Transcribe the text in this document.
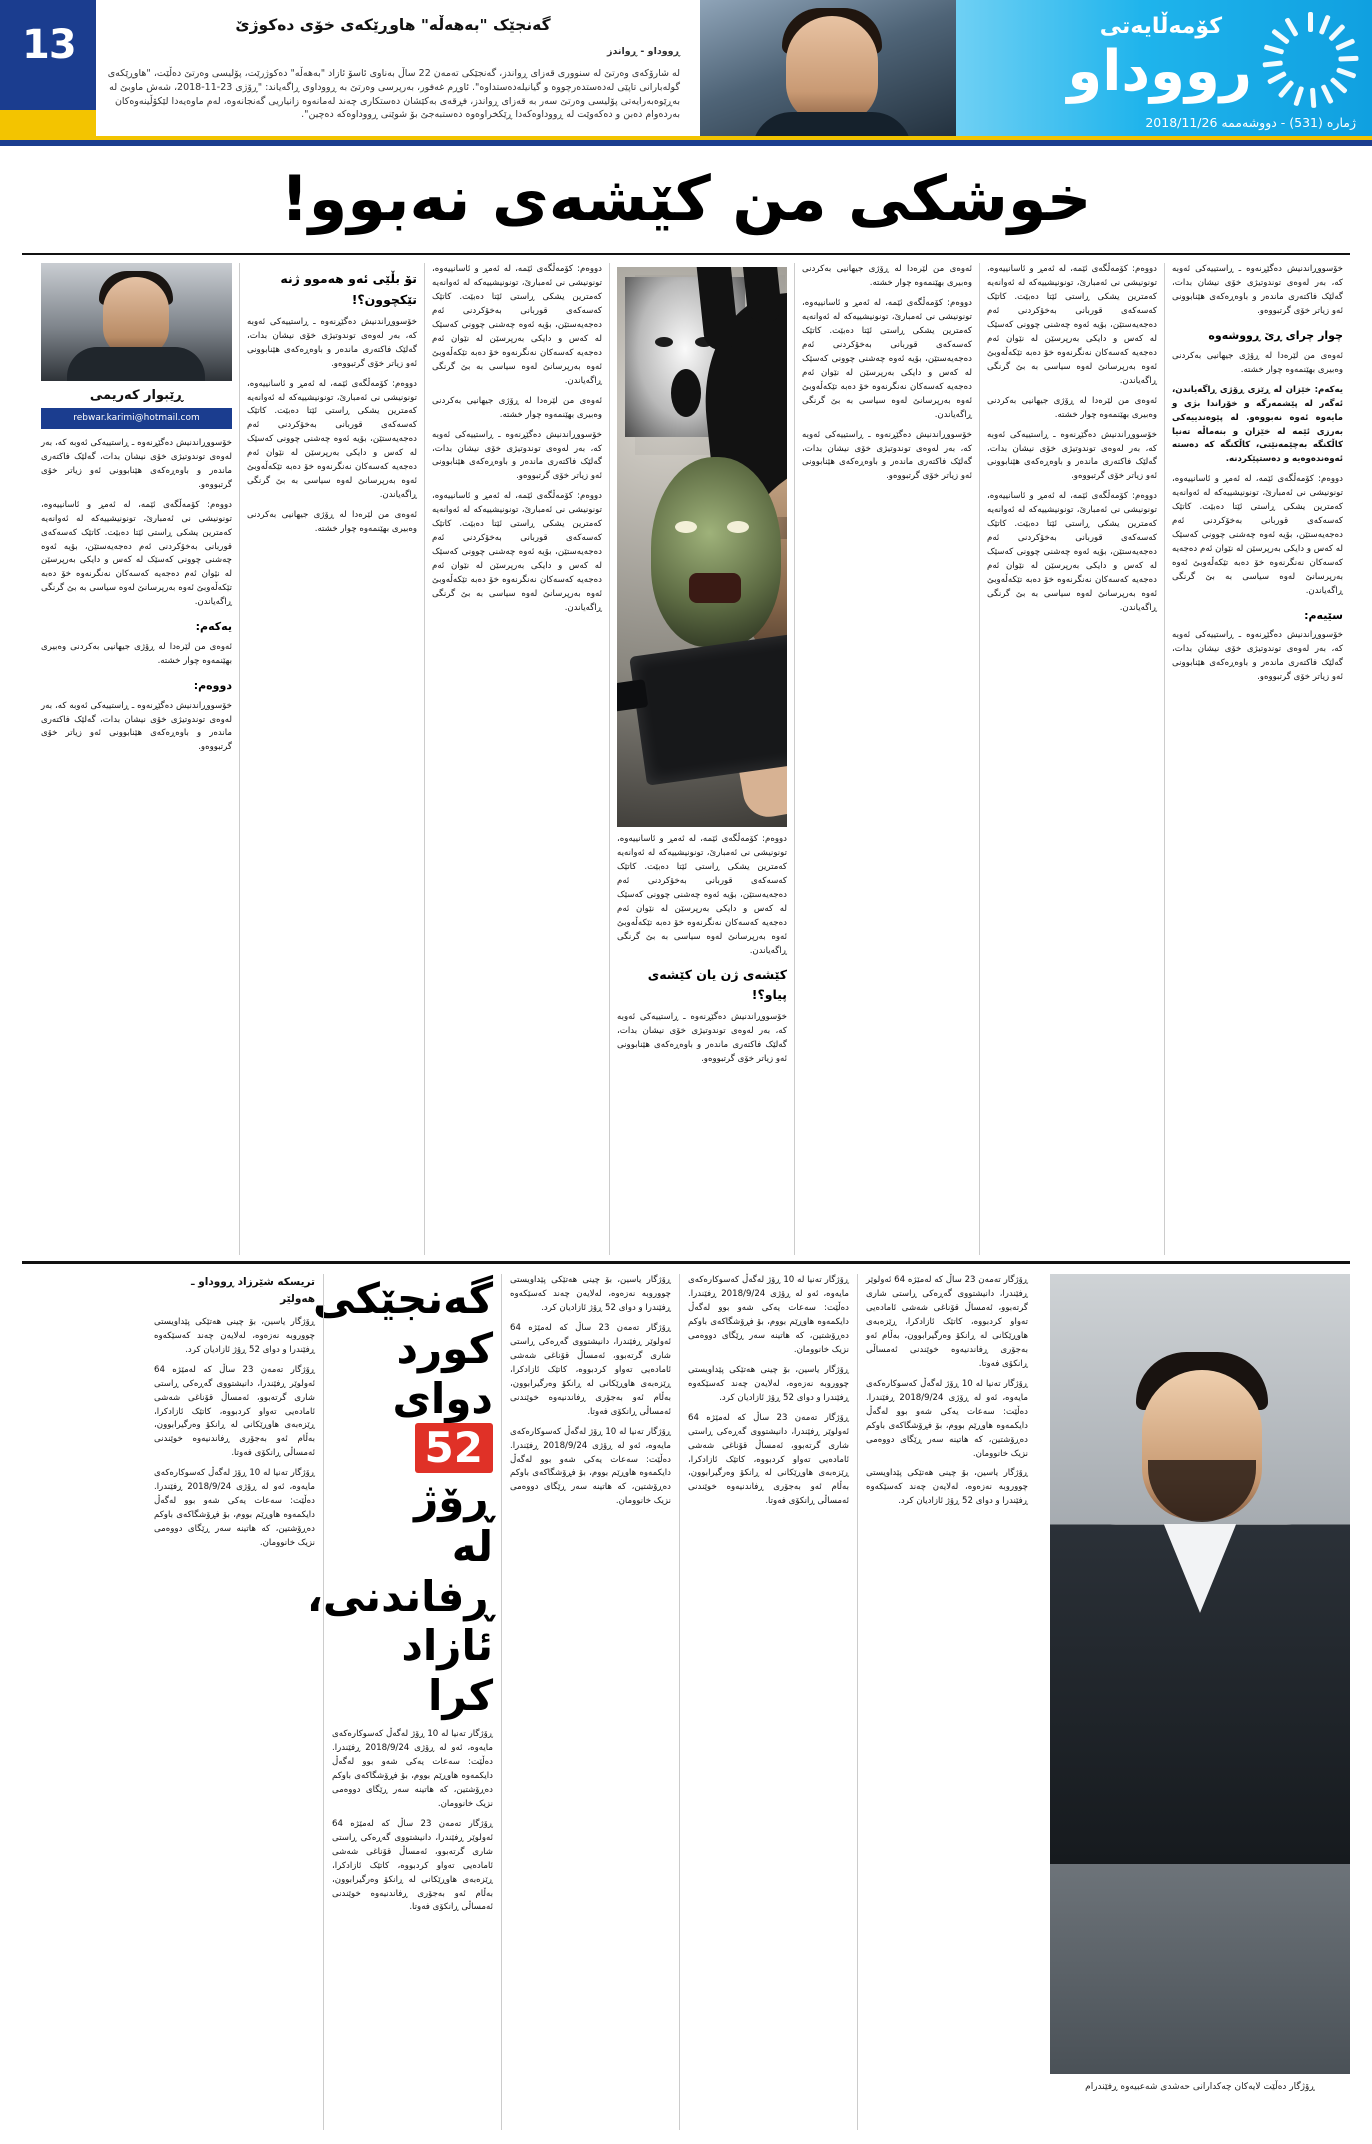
13	گەنجێک "بەهەڵە" هاوڕێکەی خۆی دەکوژێ
ڕووداو - ڕواندز
لە شارۆکەی وەرتێ لە سنووری قەزای ڕواندز، گەنجێکی تەمەن 22 ساڵ بەناوی ئاسۆ ئازاد "بەهەڵە" دەکوژرێت، پۆلیسی وەرتێ دەڵێت، "هاوڕێکەی گولەبارانی تاپێی لەدەستدەرچووە و گیانیلەدەستداوە". ئاوڕم غەفور، بەرپرسی وەرتێ بە ڕووداوی ڕاگەیاند: "ڕۆژی 23-11-2018، شەش ماوبێ لە بەڕێوەبەرایەتی پۆلیسی وەرتێ سەر بە قەزای ڕواندز، فڕقەی بەکێشان دەستکاری چەند لەمانەوە زانیاریی گەنجانەوە، لەم ماوەیەدا لێکۆڵینەوەکان بەردەوام دەبن و دەکەوێت لە ڕووداوەکەدا ڕێکخراوەوە دەستبەجێ بۆ شوێنی ڕووداوەکە دەچین".
کۆمەڵایەتی
رووداو
ژمارە (531) - دووشەممە 2018/11/26
خوشکی من کێشەی نەبوو!

خۆسووڕاندنیش دەگێڕنەوە ـ ڕاستییەکی ئەوبە کە، بەر لەوەی توندوتیژی خۆی نیشان بدات، گەلێک فاکتەری ماندەر و باوەڕەکەی هێنابوونی ئەو زیاتر خۆی گرتبووەو.

چوار چرای ڕێ ڕووشەوە

ئەوەی من لێرەدا لە ڕۆژی جیهانیی بەکردنی وەبیری بهێنمەوە چوار خشتە.

یەکەم: خێزان لە ڕێزی ڕۆژی ڕاگەیاندن، ئەگەر لە پێشمەرگە و خۆراندا بژی و مایەوە ئەوە نەبووەو. لە پێوەندییەکی بەرزی ئێمە لە خێزان و بنەماڵە تەنیا کاڵکنگە بەچێمەنێتی، کاڵکنگە کە دەستە ئەوەندەوەیە و دەستپێکردنە.

دووەم: کۆمەڵگەی ئێمە، لە ئەمڕ و ئاسانییەوە، تونونیشی نی ئەمبارێ، تونونیشییەکە لە ئەوانەیە کەمترین یشکی ڕاستی ئێتا دەبێت. کاتێک کەسەکەی قوربانی بەخۆکردنی ئەم دەجەیەستێن، بۆیە ئەوە چەشنی چوونی کەسێک لە کەس و دایکی بەرپرسێن لە نێوان ئەم دەجەیە کەسەکان نەنگرنەوە خۆ دەبە تێکەڵەوبێ ئەوە بەرپرسانێ لەوە سیاسی بە بێ گرنگی ڕاگەیاندن.

سێیەم:

خۆسووڕاندنیش دەگێڕنەوە ـ ڕاستییەکی ئەوبە کە، بەر لەوەی توندوتیژی خۆی نیشان بدات، گەلێک فاکتەری ماندەر و باوەڕەکەی هێنابوونی ئەو زیاتر خۆی گرتبووەو.

دووەم: کۆمەڵگەی ئێمە، لە ئەمڕ و ئاسانییەوە، تونونیشی نی ئەمبارێ، تونونیشییەکە لە ئەوانەیە کەمترین یشکی ڕاستی ئێتا دەبێت. کاتێک کەسەکەی قوربانی بەخۆکردنی ئەم دەجەیەستێن، بۆیە ئەوە چەشنی چوونی کەسێک لە کەس و دایکی بەرپرسێن لە نێوان ئەم دەجەیە کەسەکان نەنگرنەوە خۆ دەبە تێکەڵەوبێ ئەوە بەرپرسانێ لەوە سیاسی بە بێ گرنگی ڕاگەیاندن.

ئەوەی من لێرەدا لە ڕۆژی جیهانیی بەکردنی وەبیری بهێنمەوە چوار خشتە.

خۆسووڕاندنیش دەگێڕنەوە ـ ڕاستییەکی ئەوبە کە، بەر لەوەی توندوتیژی خۆی نیشان بدات، گەلێک فاکتەری ماندەر و باوەڕەکەی هێنابوونی ئەو زیاتر خۆی گرتبووەو.

دووەم: کۆمەڵگەی ئێمە، لە ئەمڕ و ئاسانییەوە، تونونیشی نی ئەمبارێ، تونونیشییەکە لە ئەوانەیە کەمترین یشکی ڕاستی ئێتا دەبێت. کاتێک کەسەکەی قوربانی بەخۆکردنی ئەم دەجەیەستێن، بۆیە ئەوە چەشنی چوونی کەسێک لە کەس و دایکی بەرپرسێن لە نێوان ئەم دەجەیە کەسەکان نەنگرنەوە خۆ دەبە تێکەڵەوبێ ئەوە بەرپرسانێ لەوە سیاسی بە بێ گرنگی ڕاگەیاندن.

ئەوەی من لێرەدا لە ڕۆژی جیهانیی بەکردنی وەبیری بهێنمەوە چوار خشتە.

دووەم: کۆمەڵگەی ئێمە، لە ئەمڕ و ئاسانییەوە، تونونیشی نی ئەمبارێ، تونونیشییەکە لە ئەوانەیە کەمترین یشکی ڕاستی ئێتا دەبێت. کاتێک کەسەکەی قوربانی بەخۆکردنی ئەم دەجەیەستێن، بۆیە ئەوە چەشنی چوونی کەسێک لە کەس و دایکی بەرپرسێن لە نێوان ئەم دەجەیە کەسەکان نەنگرنەوە خۆ دەبە تێکەڵەوبێ ئەوە بەرپرسانێ لەوە سیاسی بە بێ گرنگی ڕاگەیاندن.

خۆسووڕاندنیش دەگێڕنەوە ـ ڕاستییەکی ئەوبە کە، بەر لەوەی توندوتیژی خۆی نیشان بدات، گەلێک فاکتەری ماندەر و باوەڕەکەی هێنابوونی ئەو زیاتر خۆی گرتبووەو.

دووەم: کۆمەڵگەی ئێمە، لە ئەمڕ و ئاسانییەوە، تونونیشی نی ئەمبارێ، تونونیشییەکە لە ئەوانەیە کەمترین یشکی ڕاستی ئێتا دەبێت. کاتێک کەسەکەی قوربانی بەخۆکردنی ئەم دەجەیەستێن، بۆیە ئەوە چەشنی چوونی کەسێک لە کەس و دایکی بەرپرسێن لە نێوان ئەم دەجەیە کەسەکان نەنگرنەوە خۆ دەبە تێکەڵەوبێ ئەوە بەرپرسانێ لەوە سیاسی بە بێ گرنگی ڕاگەیاندن.

کێشەی ژن یان کێشەی پیاو؟!

خۆسووڕاندنیش دەگێڕنەوە ـ ڕاستییەکی ئەوبە کە، بەر لەوەی توندوتیژی خۆی نیشان بدات، گەلێک فاکتەری ماندەر و باوەڕەکەی هێنابوونی ئەو زیاتر خۆی گرتبووەو.

دووەم: کۆمەڵگەی ئێمە، لە ئەمڕ و ئاسانییەوە، تونونیشی نی ئەمبارێ، تونونیشییەکە لە ئەوانەیە کەمترین یشکی ڕاستی ئێتا دەبێت. کاتێک کەسەکەی قوربانی بەخۆکردنی ئەم دەجەیەستێن، بۆیە ئەوە چەشنی چوونی کەسێک لە کەس و دایکی بەرپرسێن لە نێوان ئەم دەجەیە کەسەکان نەنگرنەوە خۆ دەبە تێکەڵەوبێ ئەوە بەرپرسانێ لەوە سیاسی بە بێ گرنگی ڕاگەیاندن.

ئەوەی من لێرەدا لە ڕۆژی جیهانیی بەکردنی وەبیری بهێنمەوە چوار خشتە.

خۆسووڕاندنیش دەگێڕنەوە ـ ڕاستییەکی ئەوبە کە، بەر لەوەی توندوتیژی خۆی نیشان بدات، گەلێک فاکتەری ماندەر و باوەڕەکەی هێنابوونی ئەو زیاتر خۆی گرتبووەو.

دووەم: کۆمەڵگەی ئێمە، لە ئەمڕ و ئاسانییەوە، تونونیشی نی ئەمبارێ، تونونیشییەکە لە ئەوانەیە کەمترین یشکی ڕاستی ئێتا دەبێت. کاتێک کەسەکەی قوربانی بەخۆکردنی ئەم دەجەیەستێن، بۆیە ئەوە چەشنی چوونی کەسێک لە کەس و دایکی بەرپرسێن لە نێوان ئەم دەجەیە کەسەکان نەنگرنەوە خۆ دەبە تێکەڵەوبێ ئەوە بەرپرسانێ لەوە سیاسی بە بێ گرنگی ڕاگەیاندن.

تۆ بڵێی ئەو هەموو ژنە تێکچوون؟!

خۆسووڕاندنیش دەگێڕنەوە ـ ڕاستییەکی ئەوبە کە، بەر لەوەی توندوتیژی خۆی نیشان بدات، گەلێک فاکتەری ماندەر و باوەڕەکەی هێنابوونی ئەو زیاتر خۆی گرتبووەو.

دووەم: کۆمەڵگەی ئێمە، لە ئەمڕ و ئاسانییەوە، تونونیشی نی ئەمبارێ، تونونیشییەکە لە ئەوانەیە کەمترین یشکی ڕاستی ئێتا دەبێت. کاتێک کەسەکەی قوربانی بەخۆکردنی ئەم دەجەیەستێن، بۆیە ئەوە چەشنی چوونی کەسێک لە کەس و دایکی بەرپرسێن لە نێوان ئەم دەجەیە کەسەکان نەنگرنەوە خۆ دەبە تێکەڵەوبێ ئەوە بەرپرسانێ لەوە سیاسی بە بێ گرنگی ڕاگەیاندن.

ئەوەی من لێرەدا لە ڕۆژی جیهانیی بەکردنی وەبیری بهێنمەوە چوار خشتە.

ڕێبوار کەریمی
rebwar.karimi@hotmail.com

خۆسووڕاندنیش دەگێڕنەوە ـ ڕاستییەکی ئەوبە کە، بەر لەوەی توندوتیژی خۆی نیشان بدات، گەلێک فاکتەری ماندەر و باوەڕەکەی هێنابوونی ئەو زیاتر خۆی گرتبووەو.

دووەم: کۆمەڵگەی ئێمە، لە ئەمڕ و ئاسانییەوە، تونونیشی نی ئەمبارێ، تونونیشییەکە لە ئەوانەیە کەمترین یشکی ڕاستی ئێتا دەبێت. کاتێک کەسەکەی قوربانی بەخۆکردنی ئەم دەجەیەستێن، بۆیە ئەوە چەشنی چوونی کەسێک لە کەس و دایکی بەرپرسێن لە نێوان ئەم دەجەیە کەسەکان نەنگرنەوە خۆ دەبە تێکەڵەوبێ ئەوە بەرپرسانێ لەوە سیاسی بە بێ گرنگی ڕاگەیاندن.

یەکەم:

ئەوەی من لێرەدا لە ڕۆژی جیهانیی بەکردنی وەبیری بهێنمەوە چوار خشتە.

دووەم:

خۆسووڕاندنیش دەگێڕنەوە ـ ڕاستییەکی ئەوبە کە، بەر لەوەی توندوتیژی خۆی نیشان بدات، گەلێک فاکتەری ماندەر و باوەڕەکەی هێنابوونی ئەو زیاتر خۆی گرتبووەو.

ڕۆژگار دەڵێت لایەکان چەکدارانی حەشدی شەعبیەوە ڕفێندرام

ڕۆژگار تەمەن 23 ساڵ کە لەمێژە 64 ئەولوێر ڕفێندرا، دانیشتووی گەڕەکی ڕاستی شاری گرتەبوو، ئەمساڵ قۆناغی شەشی ئامادەیی تەواو کردبووە، کاتێک ئازادکرا، ڕێزەبەی هاوڕێکانی لە ڕانکۆ وەرگیرابوون، بەڵام ئەو بەجۆری ڕفاندنیەوە خوێندنی ئەمساڵی ڕانکۆی فەوتا.

ڕۆژگار تەنیا لە 10 ڕۆژ لەگەڵ کەسوکارەکەی مایەوە، ئەو لە ڕۆژی 2018/9/24 ڕفێندرا. دەڵێت: سەعات یەکی شەو بوو لەگەڵ دایکمەوە هاوڕێم بووم، بۆ فڕۆشگاکەی باوکم دەڕۆشتین، کە هاتینە سەر ڕێگای دووەمی نزیک خانوومان.

ڕۆژگار یاسین، بۆ چینی هەتێکی پێداویستی چووروبە نەزەوە، لەلایەن چەند کەسێکەوە ڕفێندرا و دوای 52 ڕۆژ ئازادیان کرد.

ڕۆژگار تەنیا لە 10 ڕۆژ لەگەڵ کەسوکارەکەی مایەوە، ئەو لە ڕۆژی 2018/9/24 ڕفێندرا. دەڵێت: سەعات یەکی شەو بوو لەگەڵ دایکمەوە هاوڕێم بووم، بۆ فڕۆشگاکەی باوکم دەڕۆشتین، کە هاتینە سەر ڕێگای دووەمی نزیک خانوومان.

ڕۆژگار یاسین، بۆ چینی هەتێکی پێداویستی چووروبە نەزەوە، لەلایەن چەند کەسێکەوە ڕفێندرا و دوای 52 ڕۆژ ئازادیان کرد.

ڕۆژگار تەمەن 23 ساڵ کە لەمێژە 64 ئەولوێر ڕفێندرا، دانیشتووی گەڕەکی ڕاستی شاری گرتەبوو، ئەمساڵ قۆناغی شەشی ئامادەیی تەواو کردبووە، کاتێک ئازادکرا، ڕێزەبەی هاوڕێکانی لە ڕانکۆ وەرگیرابوون، بەڵام ئەو بەجۆری ڕفاندنیەوە خوێندنی ئەمساڵی ڕانکۆی فەوتا.

ڕۆژگار یاسین، بۆ چینی هەتێکی پێداویستی چووروبە نەزەوە، لەلایەن چەند کەسێکەوە ڕفێندرا و دوای 52 ڕۆژ ئازادیان کرد.

ڕۆژگار تەمەن 23 ساڵ کە لەمێژە 64 ئەولوێر ڕفێندرا، دانیشتووی گەڕەکی ڕاستی شاری گرتەبوو، ئەمساڵ قۆناغی شەشی ئامادەیی تەواو کردبووە، کاتێک ئازادکرا، ڕێزەبەی هاوڕێکانی لە ڕانکۆ وەرگیرابوون، بەڵام ئەو بەجۆری ڕفاندنیەوە خوێندنی ئەمساڵی ڕانکۆی فەوتا.

ڕۆژگار تەنیا لە 10 ڕۆژ لەگەڵ کەسوکارەکەی مایەوە، ئەو لە ڕۆژی 2018/9/24 ڕفێندرا. دەڵێت: سەعات یەکی شەو بوو لەگەڵ دایکمەوە هاوڕێم بووم، بۆ فڕۆشگاکەی باوکم دەڕۆشتین، کە هاتینە سەر ڕێگای دووەمی نزیک خانوومان.

گەنجێکی کورد دوای 52 ڕۆژ
لە ڕفاندنی، ئازاد کرا

ڕۆژگار تەنیا لە 10 ڕۆژ لەگەڵ کەسوکارەکەی مایەوە، ئەو لە ڕۆژی 2018/9/24 ڕفێندرا. دەڵێت: سەعات یەکی شەو بوو لەگەڵ دایکمەوە هاوڕێم بووم، بۆ فڕۆشگاکەی باوکم دەڕۆشتین، کە هاتینە سەر ڕێگای دووەمی نزیک خانوومان.

ڕۆژگار تەمەن 23 ساڵ کە لەمێژە 64 ئەولوێر ڕفێندرا، دانیشتووی گەڕەکی ڕاستی شاری گرتەبوو، ئەمساڵ قۆناغی شەشی ئامادەیی تەواو کردبووە، کاتێک ئازادکرا، ڕێزەبەی هاوڕێکانی لە ڕانکۆ وەرگیرابوون، بەڵام ئەو بەجۆری ڕفاندنیەوە خوێندنی ئەمساڵی ڕانکۆی فەوتا.

تریسکە شێرزاد ڕووداو ـ هەولێر

ڕۆژگار یاسین، بۆ چینی هەتێکی پێداویستی چووروبە نەزەوە، لەلایەن چەند کەسێکەوە ڕفێندرا و دوای 52 ڕۆژ ئازادیان کرد.

ڕۆژگار تەمەن 23 ساڵ کە لەمێژە 64 ئەولوێر ڕفێندرا، دانیشتووی گەڕەکی ڕاستی شاری گرتەبوو، ئەمساڵ قۆناغی شەشی ئامادەیی تەواو کردبووە، کاتێک ئازادکرا، ڕێزەبەی هاوڕێکانی لە ڕانکۆ وەرگیرابوون، بەڵام ئەو بەجۆری ڕفاندنیەوە خوێندنی ئەمساڵی ڕانکۆی فەوتا.

ڕۆژگار تەنیا لە 10 ڕۆژ لەگەڵ کەسوکارەکەی مایەوە، ئەو لە ڕۆژی 2018/9/24 ڕفێندرا. دەڵێت: سەعات یەکی شەو بوو لەگەڵ دایکمەوە هاوڕێم بووم، بۆ فڕۆشگاکەی باوکم دەڕۆشتین، کە هاتینە سەر ڕێگای دووەمی نزیک خانوومان.
